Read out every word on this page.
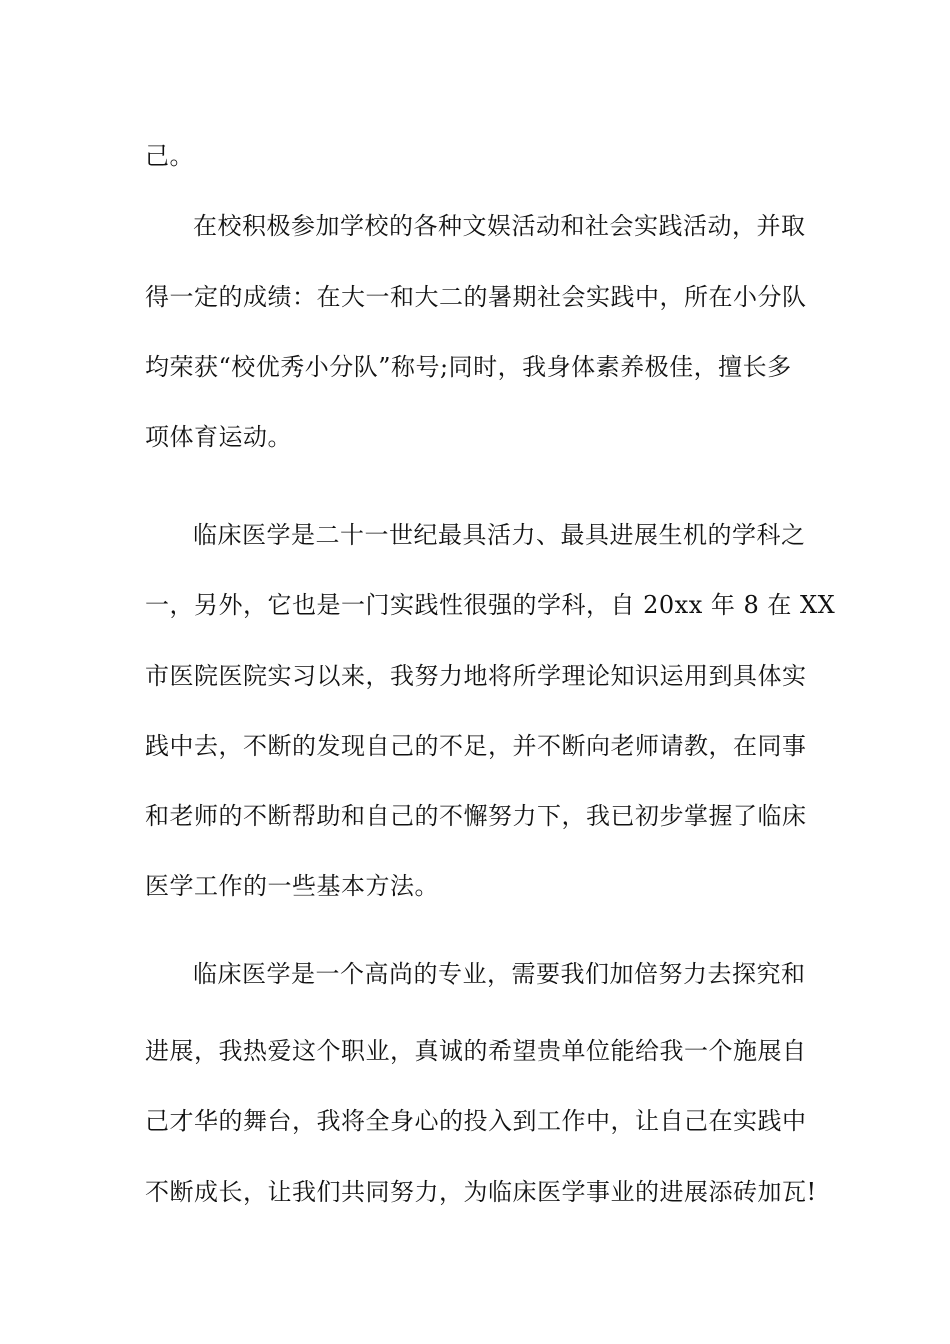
己。
在校积极参加学校的各种文娱活动和社会实践活动，并取
得一定的成绩：在大一和大二的暑期社会实践中，所在小分队
均荣获“校优秀小分队”称号;同时，我身体素养极佳，擅长多
项体育运动。
临床医学是二十一世纪最具活力、最具进展生机的学科之
一，另外，它也是一门实践性很强的学科，自 20xx 年 8 在 XX
市医院医院实习以来，我努力地将所学理论知识运用到具体实
践中去，不断的发现自己的不足，并不断向老师请教，在同事
和老师的不断帮助和自己的不懈努力下，我已初步掌握了临床
医学工作的一些基本方法。
临床医学是一个高尚的专业，需要我们加倍努力去探究和
进展，我热爱这个职业，真诚的希望贵单位能给我一个施展自
己才华的舞台，我将全身心的投入到工作中，让自己在实践中
不断成长，让我们共同努力，为临床医学事业的进展添砖加瓦!
